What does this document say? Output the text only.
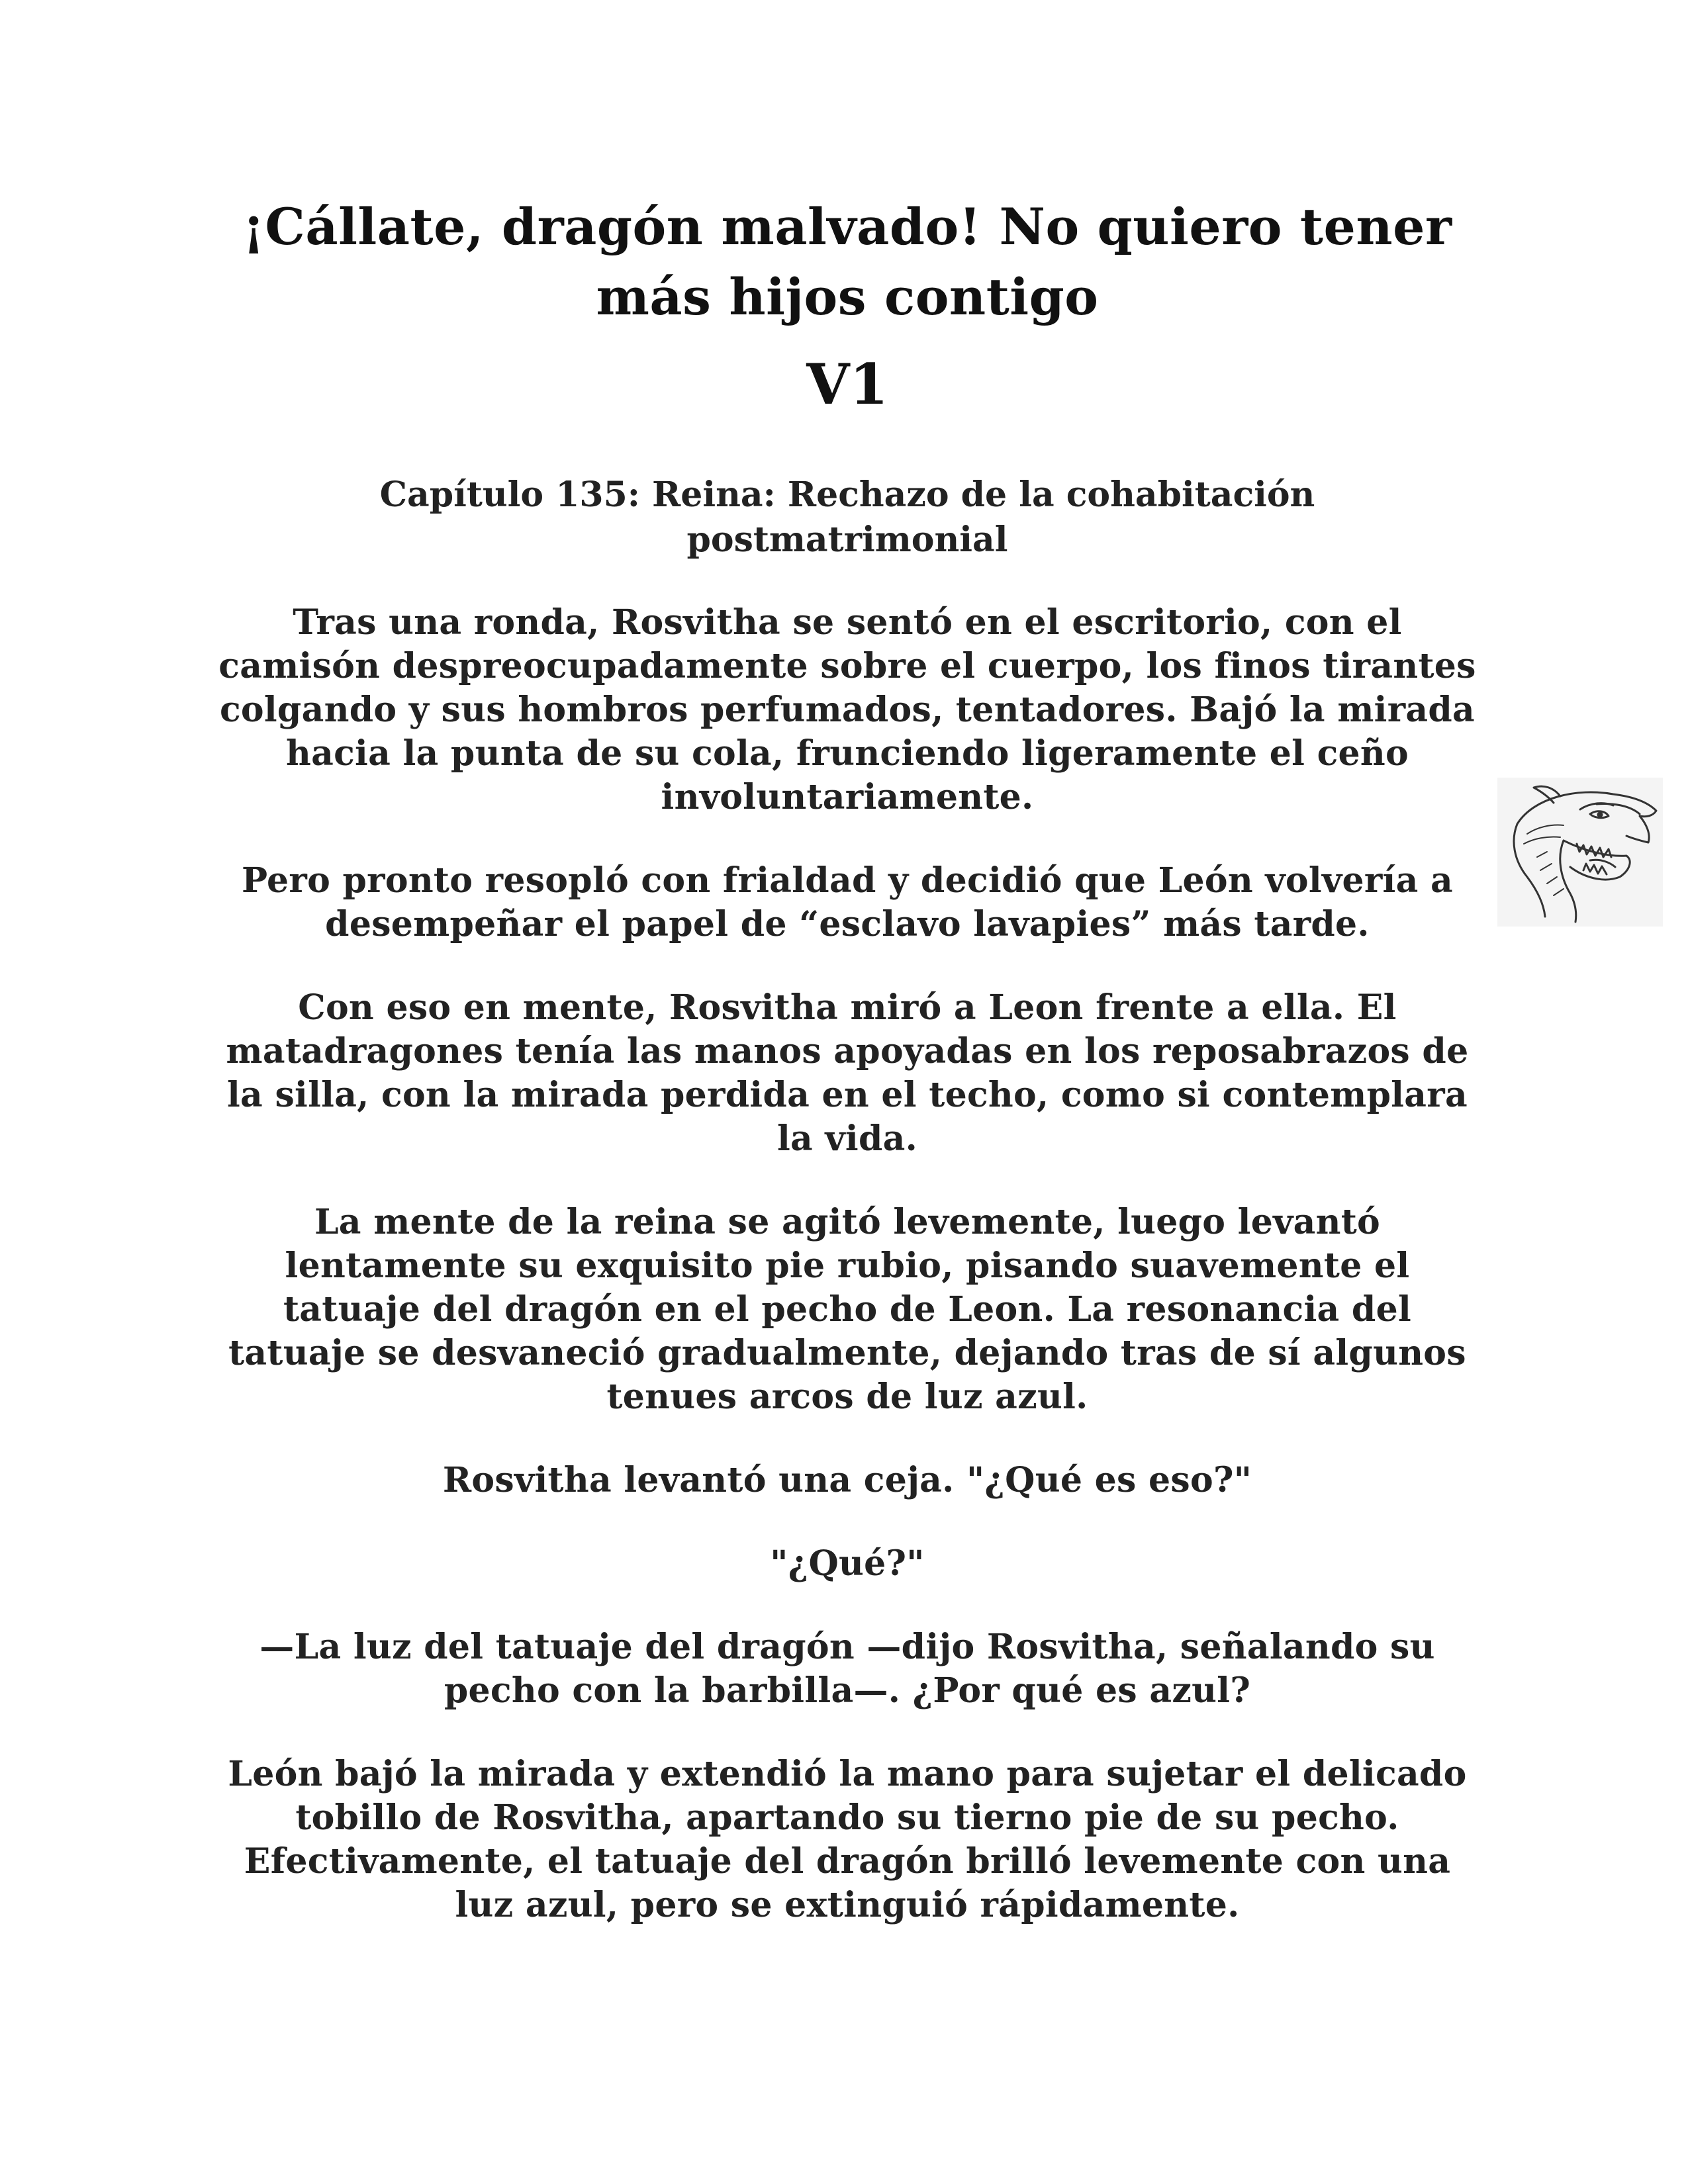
¡Cállate, dragón malvado! No quiero tener
más hijos contigo
V1
Capítulo 135: Reina: Rechazo de la cohabitación
postmatrimonial

Tras una ronda, Rosvitha se sentó en el escritorio, con el camisón despreocupadamente sobre el cuerpo, los finos tirantes colgando y sus hombros perfumados, tentadores. Bajó la mirada hacia la punta de su cola, frunciendo ligeramente el ceño involuntariamente.

Pero pronto resopló con frialdad y decidió que León volvería a desempeñar el papel de “esclavo lavapies” más tarde.

Con eso en mente, Rosvitha miró a Leon frente a ella. El matadragones tenía las manos apoyadas en los reposabrazos de la silla, con la mirada perdida en el techo, como si contemplara la vida.

La mente de la reina se agitó levemente, luego levantó lentamente su exquisito pie rubio, pisando suavemente el tatuaje del dragón en el pecho de Leon. La resonancia del tatuaje se desvaneció gradualmente, dejando tras de sí algunos tenues arcos de luz azul.

Rosvitha levantó una ceja. "¿Qué es eso?"

"¿Qué?"

—La luz del tatuaje del dragón —dijo Rosvitha, señalando su pecho con la barbilla—. ¿Por qué es azul?

León bajó la mirada y extendió la mano para sujetar el delicado tobillo de Rosvitha, apartando su tierno pie de su pecho. Efectivamente, el tatuaje del dragón brilló levemente con una luz azul, pero se extinguió rápidamente.
